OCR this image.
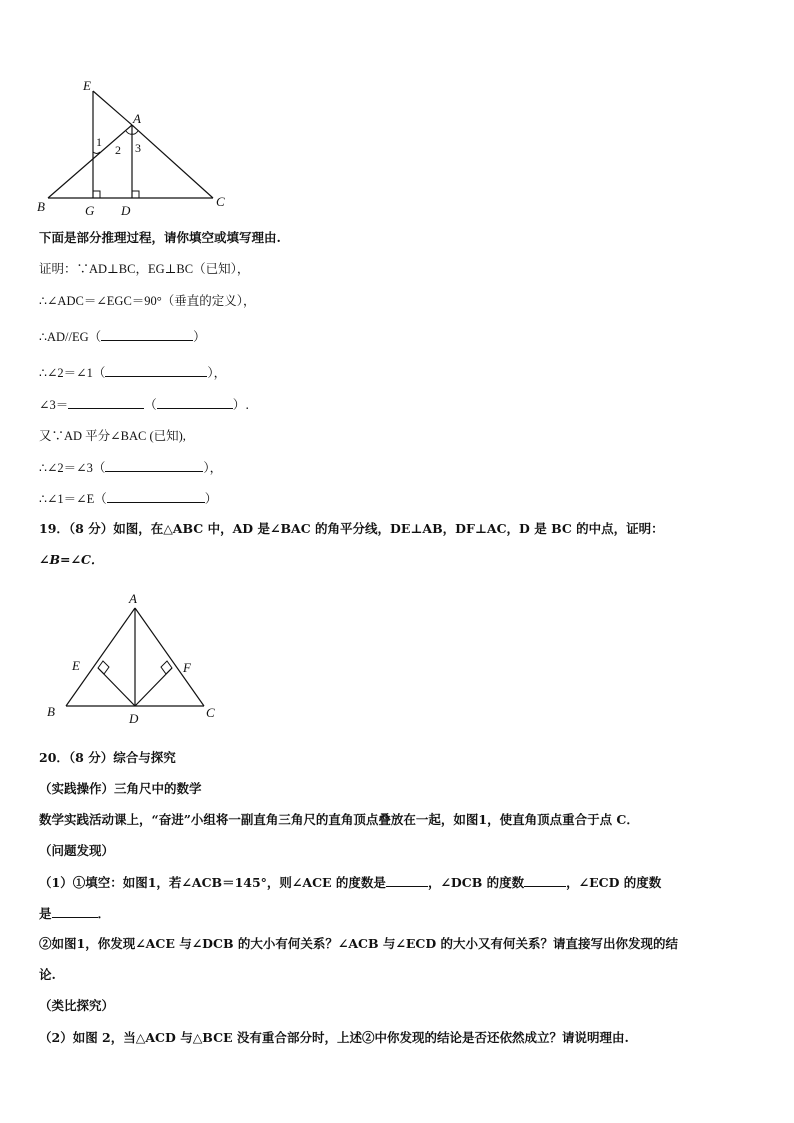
E
A
B	G D
C
1
2 3
下面是部分推理过程，请你填空或填写理由.
证明：∵AD⊥BC，EG⊥BC（已知），
∴∠ADC＝∠EGC＝90°（垂直的定义），
∴AD//EG（	）
∴∠2＝∠1（	），
∠3＝	（	）.
又∵AD 平分∠BAC (已知),
∴∠2＝∠3（	），
∴∠1＝∠E（	）
19．（8 分）如图，在△ABC 中，AD 是∠BAC 的角平分线，DE⊥AB，DF⊥AC，D 是 BC 的中点，证明：
∠B=∠C．
A
E	F
B	D	C
20．（8 分）综合与探究
（实践操作）三角尺中的数学
数学实践活动课上，“奋进”小组将一副直角三角尺的直角顶点叠放在一起，如图1，使直角顶点重合于点 C．
（问题发现）
（1）①填空：如图1，若∠ACB＝145°，则∠ACE 的度数是	，∠DCB 的度数	，∠ECD 的度数
是	．
②如图1，你发现∠ACE 与∠DCB 的大小有何关系？∠ACB 与∠ECD 的大小又有何关系？请直接写出你发现的结
论.
（类比探究）
（2）如图 2，当△ACD 与△BCE 没有重合部分时，上述②中你发现的结论是否还依然成立？请说明理由.
